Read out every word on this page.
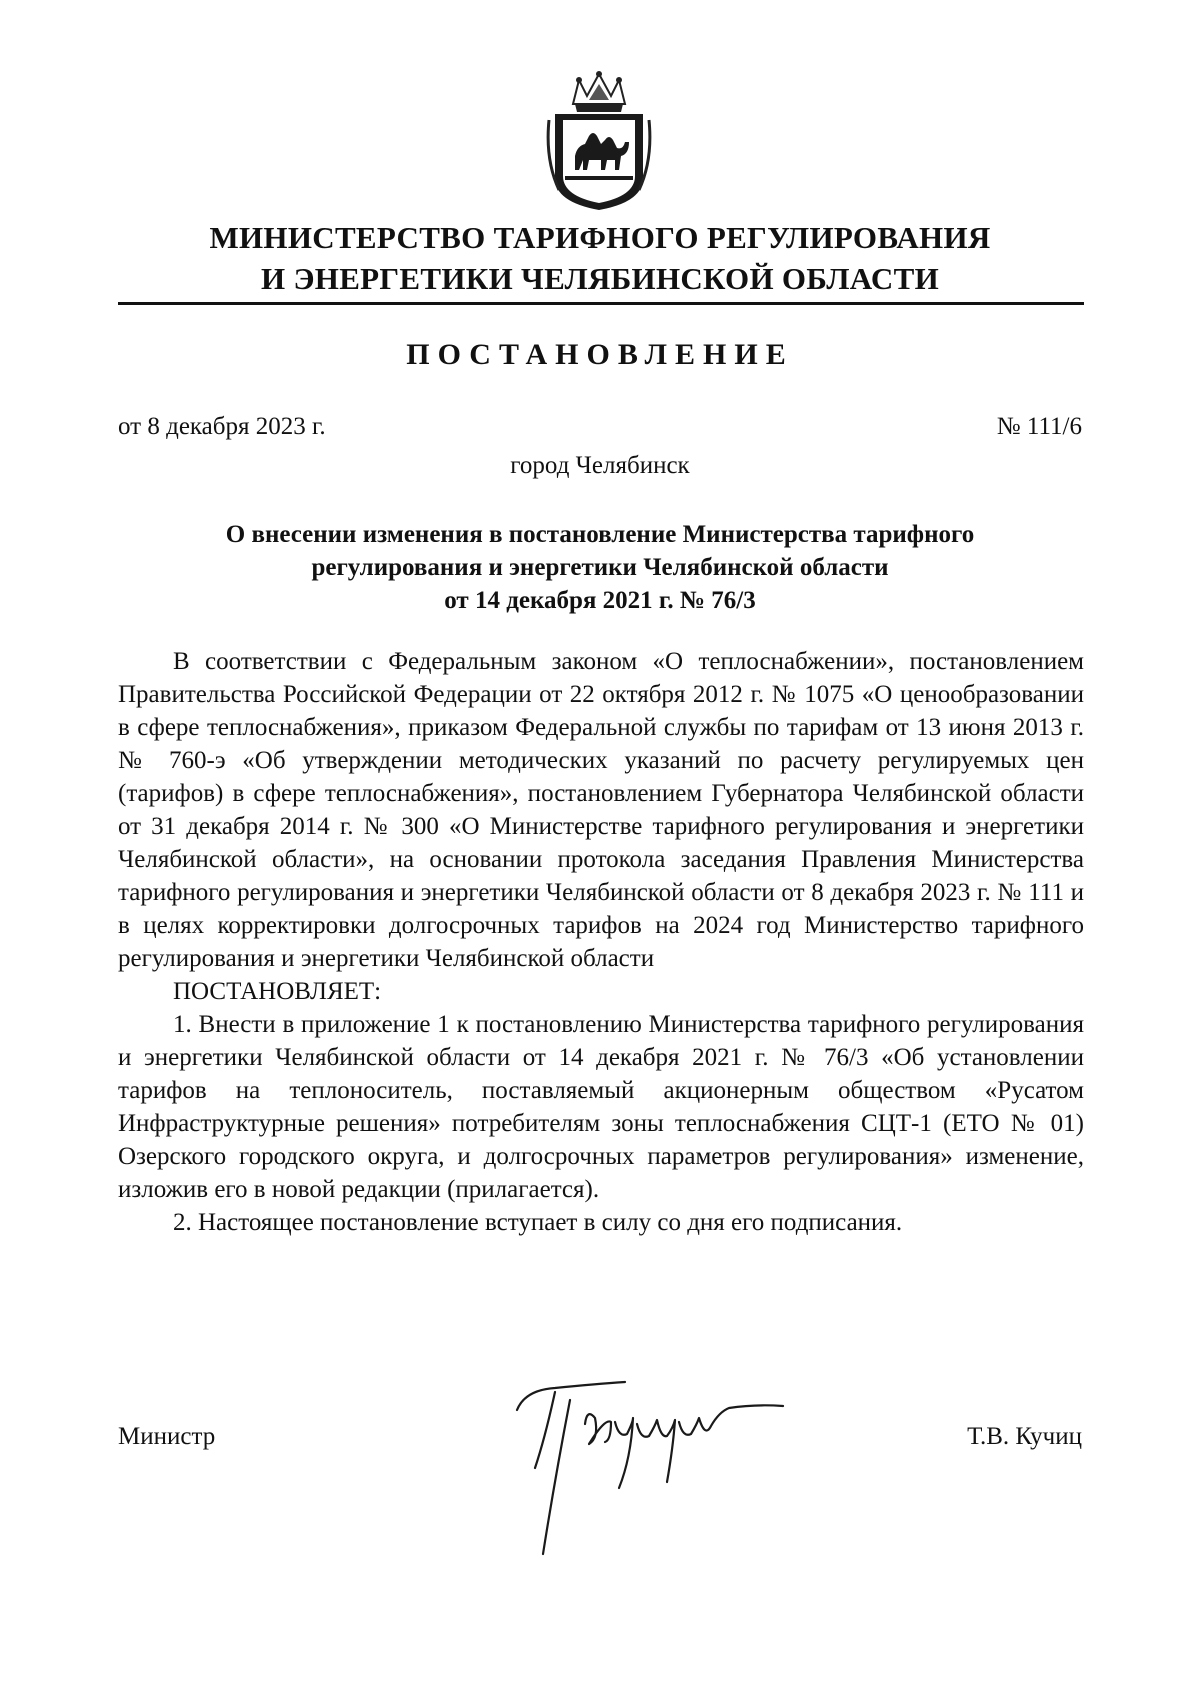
МИНИСТЕРСТВО ТАРИФНОГО РЕГУЛИРОВАНИЯ
И ЭНЕРГЕТИКИ ЧЕЛЯБИНСКОЙ ОБЛАСТИ
ПОСТАНОВЛЕНИЕ
от 8 декабря 2023 г.	№ 111/6
город Челябинск
О внесении изменения в постановление Министерства тарифного
регулирования и энергетики Челябинской области
от 14 декабря 2021 г. № 76/3

В соответствии с Федеральным законом «О теплоснабжении», постановлением Правительства Российской Федерации от 22 октября 2012 г. № 1075 «О ценообразовании в сфере теплоснабжения», приказом Федеральной службы по тарифам от 13 июня 2013 г. № 760-э «Об утверждении методических указаний по расчету регулируемых цен (тарифов) в сфере теплоснабжения», постановлением Губернатора Челябинской области от 31 декабря 2014 г. № 300 «О Министерстве тарифного регулирования и энергетики Челябинской области», на основании протокола заседания Правления Министерства тарифного регулирования и энергетики Челябинской области от 8 декабря 2023 г. № 111 и в целях корректировки долгосрочных тарифов на 2024 год Министерство тарифного регулирования и энергетики Челябинской области

ПОСТАНОВЛЯЕТ:

1. Внести в приложение 1 к постановлению Министерства тарифного регулирования и энергетики Челябинской области от 14 декабря 2021 г. № 76/3 «Об установлении тарифов на теплоноситель, поставляемый акционерным обществом «Русатом Инфраструктурные решения» потребителям зоны теплоснабжения СЦТ-1 (ЕТО № 01) Озерского городского округа, и долгосрочных параметров регулирования» изменение, изложив его в новой редакции (прилагается).

2. Настоящее постановление вступает в силу со дня его подписания.

Министр	Т.В. Кучиц
